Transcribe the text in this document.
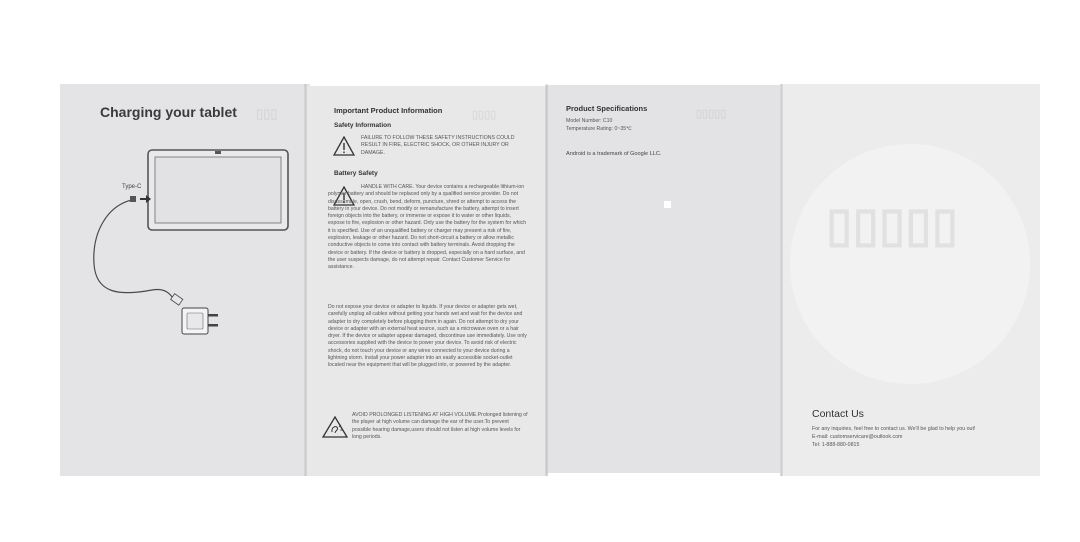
Charging your tablet ▯▯▯
Type-C
▯▯▯▯
Important Product Information
Safety Information
FAILURE TO FOLLOW THESE SAFETY INSTRUCTIONS COULD RESULT IN FIRE, ELECTRIC SHOCK, OR OTHER INJURY OR DAMAGE.
Battery Safety
HANDLE WITH CARE. Your device contains a rechargeable lithium-ion polymer battery and should be replaced only by a qualified service provider. Do not disassemble, open, crush, bend, deform, puncture, shred or attempt to access the battery in your device. Do not modify or remanufacture the battery, attempt to insert foreign objects into the battery, or immerse or expose it to water or other liquids, expose to fire, explosion or other hazard. Only use the battery for the system for which it is specified. Use of an unqualified battery or charger may present a risk of fire, explosion, leakage or other hazard. Do not short-circuit a battery or allow metallic conductive objects to come into contact with battery terminals. Avoid dropping the device or battery. If the device or battery is dropped, especially on a hard surface, and the user suspects damage, do not attempt repair. Contact Customer Service for assistance.
Do not expose your device or adapter to liquids. If your device or adapter gets wet, carefully unplug all cables without getting your hands wet and wait for the device and adapter to dry completely before plugging them in again. Do not attempt to dry your device or adapter with an external heat source, such as a microwave oven or a hair dryer. If the device or adapter appear damaged, discontinue use immediately. Use only accessories supplied with the device to power your device. To avoid risk of electric shock, do not touch your device or any wires connected to your device during a lightning storm. Install your power adapter into an easily accessible socket-outlet located near the equipment that will be plugged into, or powered by the adapter.
AVOID PROLONGED LISTENING AT HIGH VOLUME.Prolonged listening of the player at high volume can damage the ear of the user.To prevent possible hearing damage,users should not listen at high volume levels for long periods.
▯▯▯▯▯
Product Specifications
Model Number: C10
Temperature Rating: 0~35℃
Android is a trademark of Google LLC.
▯▯▯▯▯
Contact Us
For any inquiries, feel free to contact us. We'll be glad to help you out!
E-mail: customservicare@outlook.com
Tel: 1-888-880-0815
